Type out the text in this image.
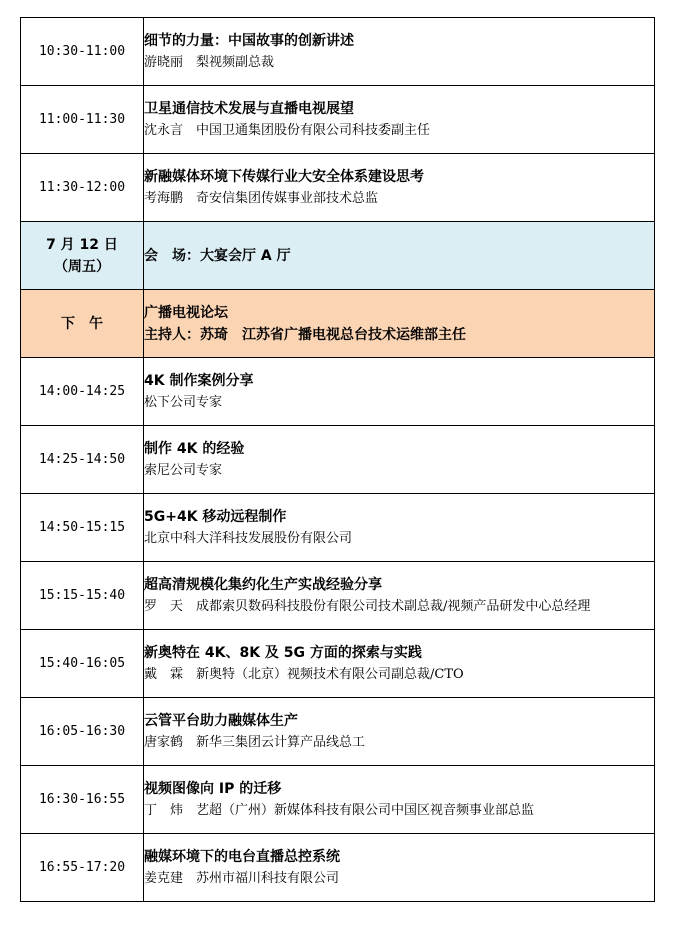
10:30-11:00	细节的力量：中国故事的创新讲述
游晓丽　梨视频副总裁

11:00-11:30	卫星通信技术发展与直播电视展望
沈永言　中国卫通集团股份有限公司科技委副主任

11:30-12:00	新融媒体环境下传媒行业大安全体系建设思考
考海鹏　奇安信集团传媒事业部技术总监

7 月 12 日
（周五）	会　场：大宴会厅 A 厅

下　午	广播电视论坛
主持人：苏琦　江苏省广播电视总台技术运维部主任

14:00-14:25	4K 制作案例分享
松下公司专家

14:25-14:50	制作 4K 的经验
索尼公司专家

14:50-15:15	5G+4K 移动远程制作
北京中科大洋科技发展股份有限公司

15:15-15:40	超高清规模化集约化生产实战经验分享
罗　天　成都索贝数码科技股份有限公司技术副总裁/视频产品研发中心总经理

15:40-16:05	新奥特在 4K、8K 及 5G 方面的探索与实践
戴　霖　新奥特（北京）视频技术有限公司副总裁/CTO

16:05-16:30	云管平台助力融媒体生产
唐家鹤　新华三集团云计算产品线总工

16:30-16:55	视频图像向 IP 的迁移
丁　炜　艺超（广州）新媒体科技有限公司中国区视音频事业部总监

16:55-17:20	融媒环境下的电台直播总控系统
姜克建　苏州市福川科技有限公司
